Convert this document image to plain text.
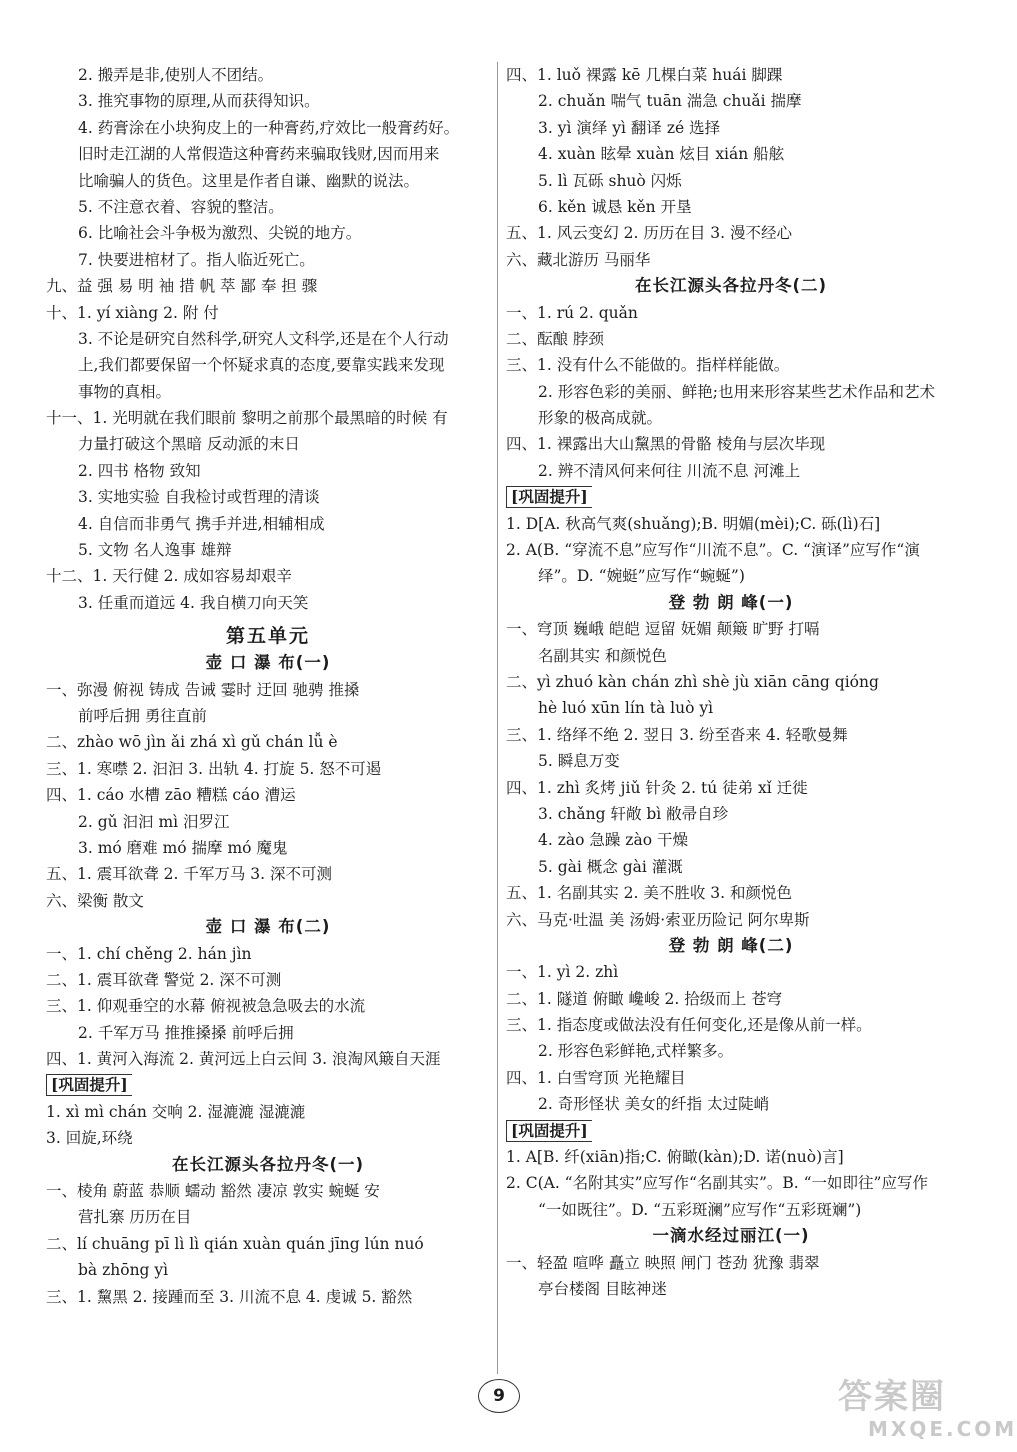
2. 搬弄是非,使别人不团结。
3. 推究事物的原理,从而获得知识。
4. 药膏涂在小块狗皮上的一种膏药,疗效比一般膏药好。
旧时走江湖的人常假造这种膏药来骗取钱财,因而用来
比喻骗人的货色。这里是作者自谦、幽默的说法。
5. 不注意衣着、容貌的整洁。
6. 比喻社会斗争极为激烈、尖锐的地方。
7. 快要进棺材了。指人临近死亡。
九、益 强 易 明 袖 措 帆 萃 鄙 奉 担 骤
十、1. yí xiàng 2. 附 付
3. 不论是研究自然科学,研究人文科学,还是在个人行动
上,我们都要保留一个怀疑求真的态度,要靠实践来发现
事物的真相。
十一、1. 光明就在我们眼前 黎明之前那个最黑暗的时候 有
力量打破这个黑暗 反动派的末日
2. 四书 格物 致知
3. 实地实验 自我检讨或哲理的清谈
4. 自信而非勇气 携手并进,相辅相成
5. 文物 名人逸事 雄辩
十二、1. 天行健 2. 成如容易却艰辛
3. 任重而道远 4. 我自横刀向天笑
第五单元
壶 口 瀑 布(一)
一、弥漫 俯视 铸成 告诫 霎时 迂回 驰骋 推搡
前呼后拥 勇往直前
二、zhào wō jìn ǎi zhá xì gǔ chán lǚ è
三、1. 寒噤 2. 汩汩 3. 出轨 4. 打旋 5. 怒不可遏
四、1. cáo 水槽 zāo 糟糕 cáo 漕运
2. gǔ 汩汩 mì 汨罗江
3. mó 磨难 mó 揣摩 mó 魔鬼
五、1. 震耳欲聋 2. 千军万马 3. 深不可测
六、梁衡 散文
壶 口 瀑 布(二)
一、1. chí chěng 2. hán jìn
二、1. 震耳欲聋 警觉 2. 深不可测
三、1. 仰观垂空的水幕 俯视被急急吸去的水流
2. 千军万马 推推搡搡 前呼后拥
四、1. 黄河入海流 2. 黄河远上白云间 3. 浪淘风簸自天涯
[巩固提升]
1. xì mì chán 交响 2. 湿漉漉 湿漉漉
3. 回旋,环绕
在长江源头各拉丹冬(一)
一、棱角 蔚蓝 恭顺 蠕动 豁然 凄凉 敦实 蜿蜒 安
营扎寨 历历在目
二、lí chuāng pī lì lì qián xuàn quán jīng lún nuó
bà zhōng yì
三、1. 黧黑 2. 接踵而至 3. 川流不息 4. 虔诚 5. 豁然
四、1. luǒ 裸露 kē 几棵白菜 huái 脚踝
2. chuǎn 喘气 tuān 湍急 chuǎi 揣摩
3. yì 演绎 yì 翻译 zé 选择
4. xuàn 眩晕 xuàn 炫目 xián 船舷
5. lì 瓦砾 shuò 闪烁
6. kěn 诚恳 kěn 开垦
五、1. 风云变幻 2. 历历在目 3. 漫不经心
六、藏北游历 马丽华
在长江源头各拉丹冬(二)
一、1. rú 2. quǎn
二、酝酿 脖颈
三、1. 没有什么不能做的。指样样能做。
2. 形容色彩的美丽、鲜艳;也用来形容某些艺术作品和艺术
形象的极高成就。
四、1. 裸露出大山黧黑的骨骼 棱角与层次毕现
2. 辨不清风何来何往 川流不息 河滩上
[巩固提升]
1. D[A. 秋高气爽(shuǎng);B. 明媚(mèi);C. 砾(lì)石]
2. A(B. “穿流不息”应写作“川流不息”。C. “演译”应写作“演
绎”。D. “婉蜓”应写作“蜿蜒”)
登 勃 朗 峰(一)
一、穹顶 巍峨 皑皑 逗留 妩媚 颠簸 旷野 打嗝
名副其实 和颜悦色
二、yì zhuó kàn chán zhì shè jù xiān cāng qióng
hè luó xūn lín tà luò yì
三、1. 络绎不绝 2. 翌日 3. 纷至沓来 4. 轻歌曼舞
5. 瞬息万变
四、1. zhì 炙烤 jiǔ 针灸 2. tú 徒弟 xǐ 迁徙
3. chǎng 轩敞 bì 敝帚自珍
4. zào 急躁 zào 干燥
5. gài 概念 gài 灌溉
五、1. 名副其实 2. 美不胜收 3. 和颜悦色
六、马克·吐温 美 汤姆·索亚历险记 阿尔卑斯
登 勃 朗 峰(二)
一、1. yì 2. zhì
二、1. 隧道 俯瞰 巉峻 2. 拾级而上 苍穹
三、1. 指态度或做法没有任何变化,还是像从前一样。
2. 形容色彩鲜艳,式样繁多。
四、1. 白雪穹顶 光艳耀目
2. 奇形怪状 美女的纤指 太过陡峭
[巩固提升]
1. A[B. 纤(xiān)指;C. 俯瞰(kàn);D. 诺(nuò)言]
2. C(A. “名附其实”应写作“名副其实”。B. “一如即往”应写作
“一如既往”。D. “五彩斑澜”应写作“五彩斑斓”)
一滴水经过丽江(一)
一、轻盈 喧哗 矗立 映照 闸门 苍劲 犹豫 翡翠
亭台楼阁 目眩神迷
9	答案圈
MXQE.COM
